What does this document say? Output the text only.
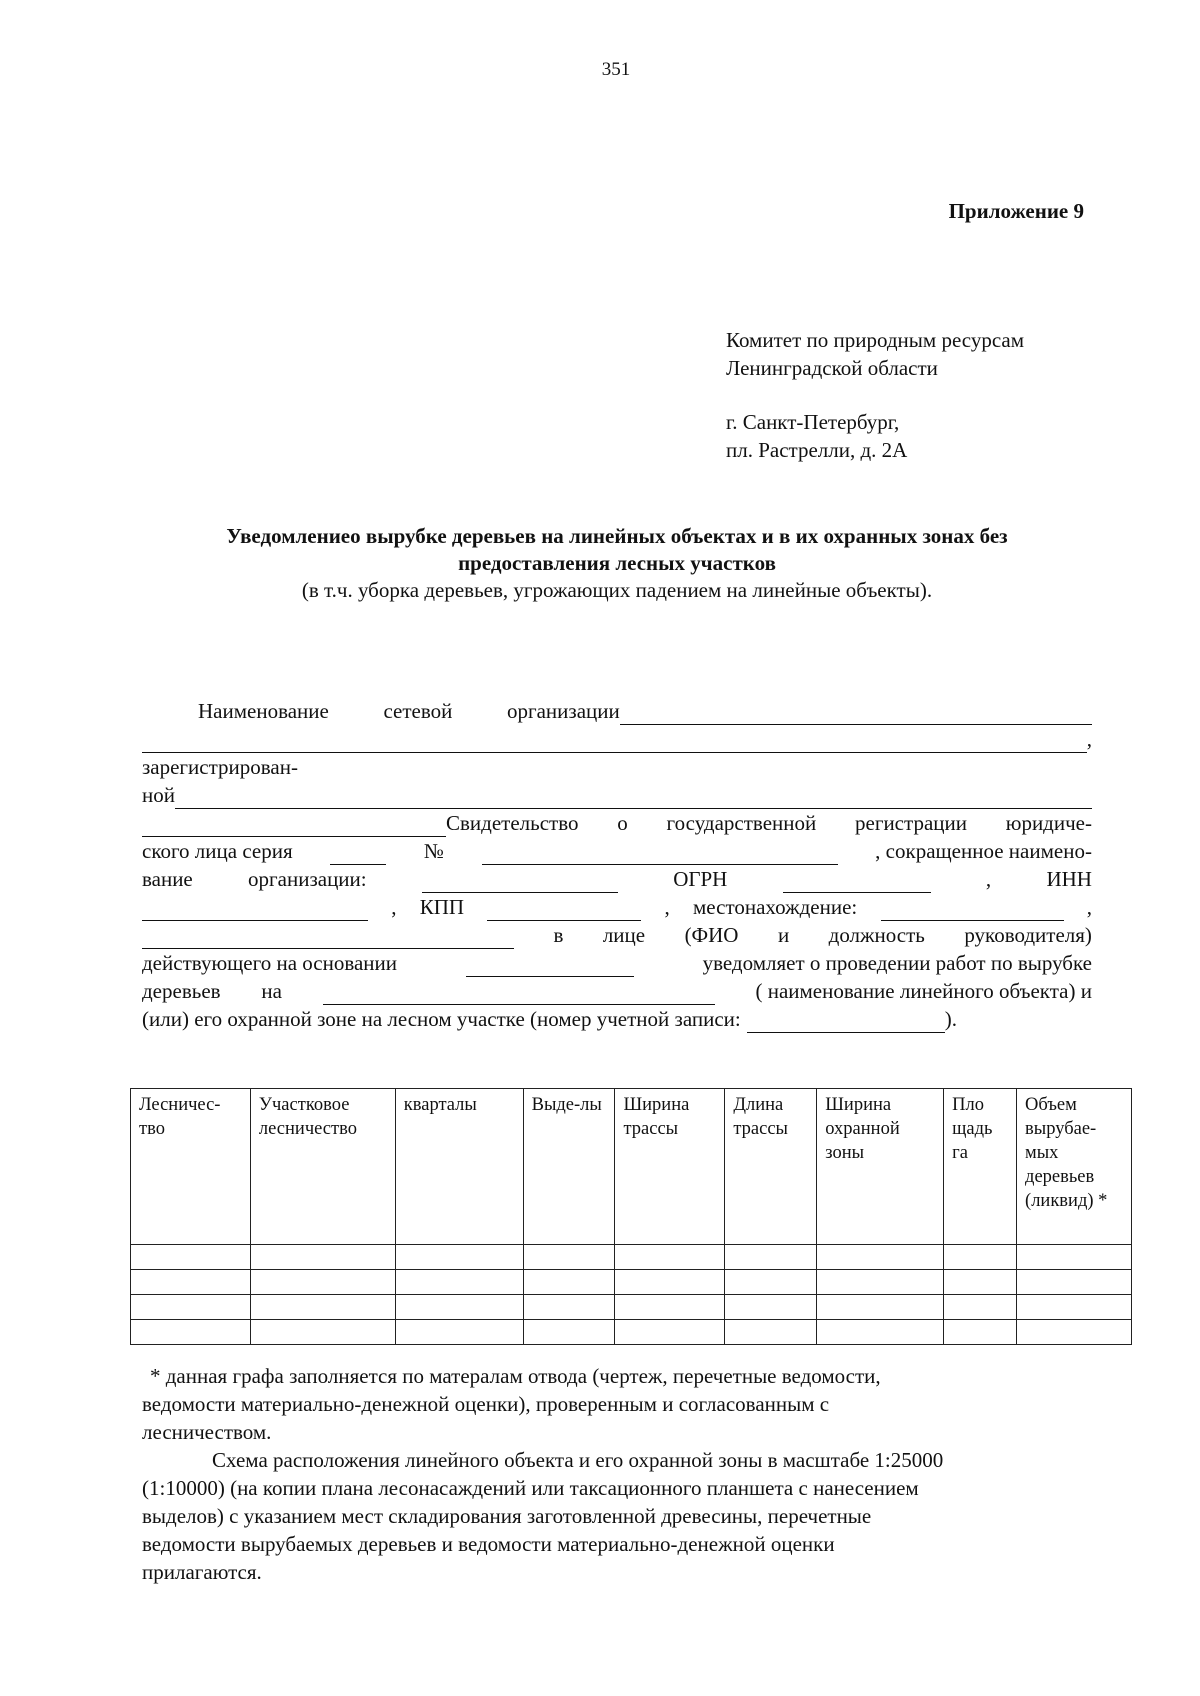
351
Приложение 9
Комитет по природным ресурсам
Ленинградской области
г. Санкт-Петербург,
пл. Растрелли, д. 2А
Уведомлениео вырубке деревьев на линейных объектах и в их охранных зонах без
предоставления лесных участков
(в т.ч. уборка деревьев, угрожающих падением на линейные объекты).
Наименование	сетевой	организации
,
зарегистрирован-
ной
Свидетельство о государственной регистрации юридиче-
ского лица серия	№	, сокращенное наимено-
вание	организации:	ОГРН	,	ИНН
, КПП	, местонахождение:	,
в лице (ФИО и должность руководителя)
действующего на основании	уведомляет о проведении работ по вырубке
деревьев на	( наименование линейного объекта) и
(или) его охранной зоне на лесном участке (номер учетной записи:	).
Лесничес-тво	Участковое лесничество	кварталы	Выде-лы	Ширина трассы	Длина трассы	Ширина охранной зоны	Пло щадь га	Объем вырубае-мых деревьев (ликвид) *

* данная графа заполняется по матералам отвода (чертеж, перечетные ведомости,

ведомости материально-денежной оценки), проверенным и согласованным с

лесничеством.

Схема расположения линейного объекта и его охранной зоны в масштабе 1:25000

(1:10000) (на копии плана лесонасаждений или таксационного планшета с нанесением

выделов) с указанием мест складирования заготовленной древесины, перечетные

ведомости вырубаемых деревьев и ведомости материально-денежной оценки

прилагаются.
